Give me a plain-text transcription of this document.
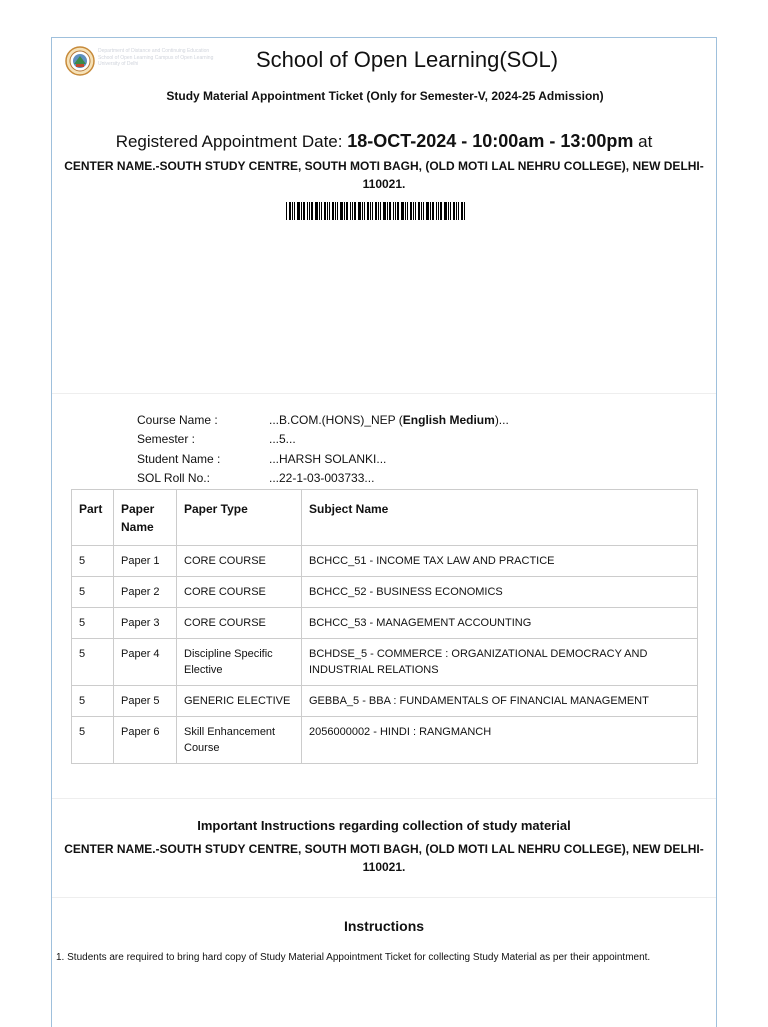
Department of Distance and Continuing Education
School of Open Learning Campus of Open Learning
University of Delhi	School of Open Learning(SOL)
Study Material Appointment Ticket (Only for Semester-V, 2024-25 Admission)
Registered Appointment Date: 18-OCT-2024 - 10:00am - 13:00pm at
CENTER NAME.-SOUTH STUDY CENTRE, SOUTH MOTI BAGH, (OLD MOTI LAL NEHRU COLLEGE), NEW DELHI-110021.
Course Name :	...B.COM.(HONS)_NEP (English Medium)...
Semester :	...5...
Student Name :	...HARSH SOLANKI...
SOL Roll No.:	...22-1-03-003733...
Part	Paper Name	Paper Type	Subject Name
5	Paper 1	CORE COURSE	BCHCC_51 - INCOME TAX LAW AND PRACTICE
5	Paper 2	CORE COURSE	BCHCC_52 - BUSINESS ECONOMICS
5	Paper 3	CORE COURSE	BCHCC_53 - MANAGEMENT ACCOUNTING
5	Paper 4	Discipline Specific Elective	BCHDSE_5 - COMMERCE : ORGANIZATIONAL DEMOCRACY AND INDUSTRIAL RELATIONS
5	Paper 5	GENERIC ELECTIVE	GEBBA_5 - BBA : FUNDAMENTALS OF FINANCIAL MANAGEMENT
5	Paper 6	Skill Enhancement Course	2056000002 - HINDI : RANGMANCH
Important Instructions regarding collection of study material
CENTER NAME.-SOUTH STUDY CENTRE, SOUTH MOTI BAGH, (OLD MOTI LAL NEHRU COLLEGE), NEW DELHI-110021.
Instructions
1. Students are required to bring hard copy of Study Material Appointment Ticket for collecting Study Material as per their appointment.
